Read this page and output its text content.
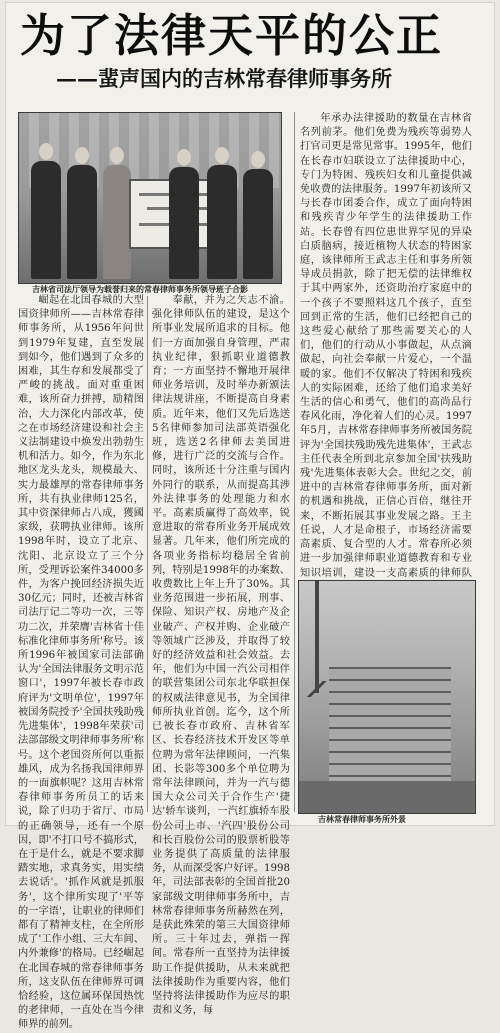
为了法律天平的公正
——蜚声国内的吉林常春律师事务所
吉林省司法厅领导为载誉归来的常春律师事务所领导班子合影

崛起在北国春城的大型国资律师所——吉林常春律师事务所，从1956年问世到1979年复建，直至发展到如今，他们遇到了众多的困难，其生存和发展都受了严峻的挑战。面对重重困难，该所奋力拼搏，励精图治，大力深化内部改革，使之在市场经济建设和社会主义法制建设中焕发出勃勃生机和活力。如今，作为东北地区龙头龙头，规模最大、实力最雄厚的常春律师事务所，共有执业律师125名，其中资深律师占八成，獲國家级，获聘执业律师。该所1998年时，设立了北京、沈阳、北京设立了三个分所，受理诉讼案件34000多件，为客户挽回经济损失近30亿元；同时，还被吉林省司法厅记二等功一次，三等功二次，并荣膺'吉林省十佳标准化律师事务所'称号。该所1996年被国家司法部确认为'全国法律服务文明示范窗口'，1997年被长春市政府评为'文明单位'，1997年被国务院授予'全国扶残助残先进集体'，1998年荣获'司法部部级文明律师事务所'称号。这个老国资所何以重振雄风，成为名扬我国律师界的一面旗帜呢？这用吉林常春律师事务所员工的话来说，除了归功于省厅、市局的正确领导，还有一个原因，即'不打口号不搞形式，在于是什么，就是不要求脚踏实地，求真务实，用实绩去说话'。'抓作风就是抓服务'，这个律所实现了'平等的一字语'，让职业的律师们都有了精神支柱，在全所形成了'工作小组、三大车间、内外兼修'的格局。已经崛起在北国春城的常春律师事务所，这支队伍在律师界可调恰经验，这位属环保国热忱的老律师，一直处在当今律师界的前列。

奉献，并为之矢志不渝。强化律师队伍的建设，是这个所事业发展所追求的目标。他们一方面加强自身管理，严肃执业纪律，狠抓职业道德教育；一方面坚持不懈地开展律师业务培训，及时举办新颁法律法规讲座，不断提高自身素质。近年来，他们又先后选送5名律师参加司法部英语强化班，选送2名律师去美国进修，进行广泛的交流与合作。同时，该所还十分注重与国内外同行的联系，从而提高其涉外法律事务的处理能力和水平。高素质赢得了高效率，锐意进取的常春所业务开展成效显著。几年来，他们所完成的各项业务指标均稳居全省前列，特别是1998年的办案数、收费数比上年上升了30%。其业务范围进一步拓展，刑事、保险、知识产权、房地产及企业破产、产权并购、企业破产等领域广泛涉及，并取得了较好的经济效益和社会效益。去年，他们为中国一汽公司相伴的联营集团公司东北华联担保的权威法律意见书，为全国律师所执业首创。迄今，这个所已被长春市政府、吉林省军区、长春经济技术开发区等单位聘为常年法律顾问，一汽集团、长影等300多个单位聘为常年法律顾问，并为一汽与德国大众公司关于合作生产'捷达'轿车谈判，一汽红旗轿车股份公司上市、'汽四'股份公司和长百股份公司的股票析股等业务提供了高质量的法律服务，从而深受客户好评。1998年，司法部表彰的全国首批20家部级文明律师事务所中，吉林常春律师事务所赫然在列，是获此殊荣的第三大国资律师所。三十年过去，弹指一挥间。常春所一直坚持为法律援助工作提供援助，从未来就把法律援助作为重要内容，他们坚持将法律援助作为应尽的职责和义务，每

年承办法律援助的数量在吉林省名列前茅。他们免费为残疾等弱势人打官司更是常见常事。1995年，他们在长春市妇联设立了法律援助中心，专门为特困、残疾妇女和儿童提供减免收费的法律服务。1997年初该所又与长春市团委合作，成立了面向特困和残疾青少年学生的法律援助工作站。长春曾有四位患世界罕见的异染白质脑病，接近植物人状态的特困家庭，该律师所王武志主任和事务所领导成员捐款，除了把无偿的法律维权于其中两家外，还资助治疗家庭中的一个孩子不要照料这几个孩子，直至回到正常的生活，他们已经把自己的这些爱心献给了那些需要关心的人们，他们的行动从小事做起，从点滴做起，向社会奉献一片爱心，一个温暖的家。他们不仅解决了特困和残疾人的实际困难，还给了他们追求美好生活的信心和勇气，他们的高尚品行春风化雨，净化着人们的心灵。1997年5月，吉林常春律师事务所被国务院评为'全国扶残助残先进集体'，王武志主任代表全所到北京参加全国'扶残助残'先进集体表彰大会。世纪之交，前进中的吉林常春律师事务所，面对新的机遇和挑战，正信心百倍，继往开来，不断拓展其事业发展之路。王主任说，人才是命根子，市场经济需要高素质、复合型的人才。常春所必须进一步加强律师职业道德教育和专业知识培训，建设一支高素质的律师队　

吉林常春律师事务所外景
